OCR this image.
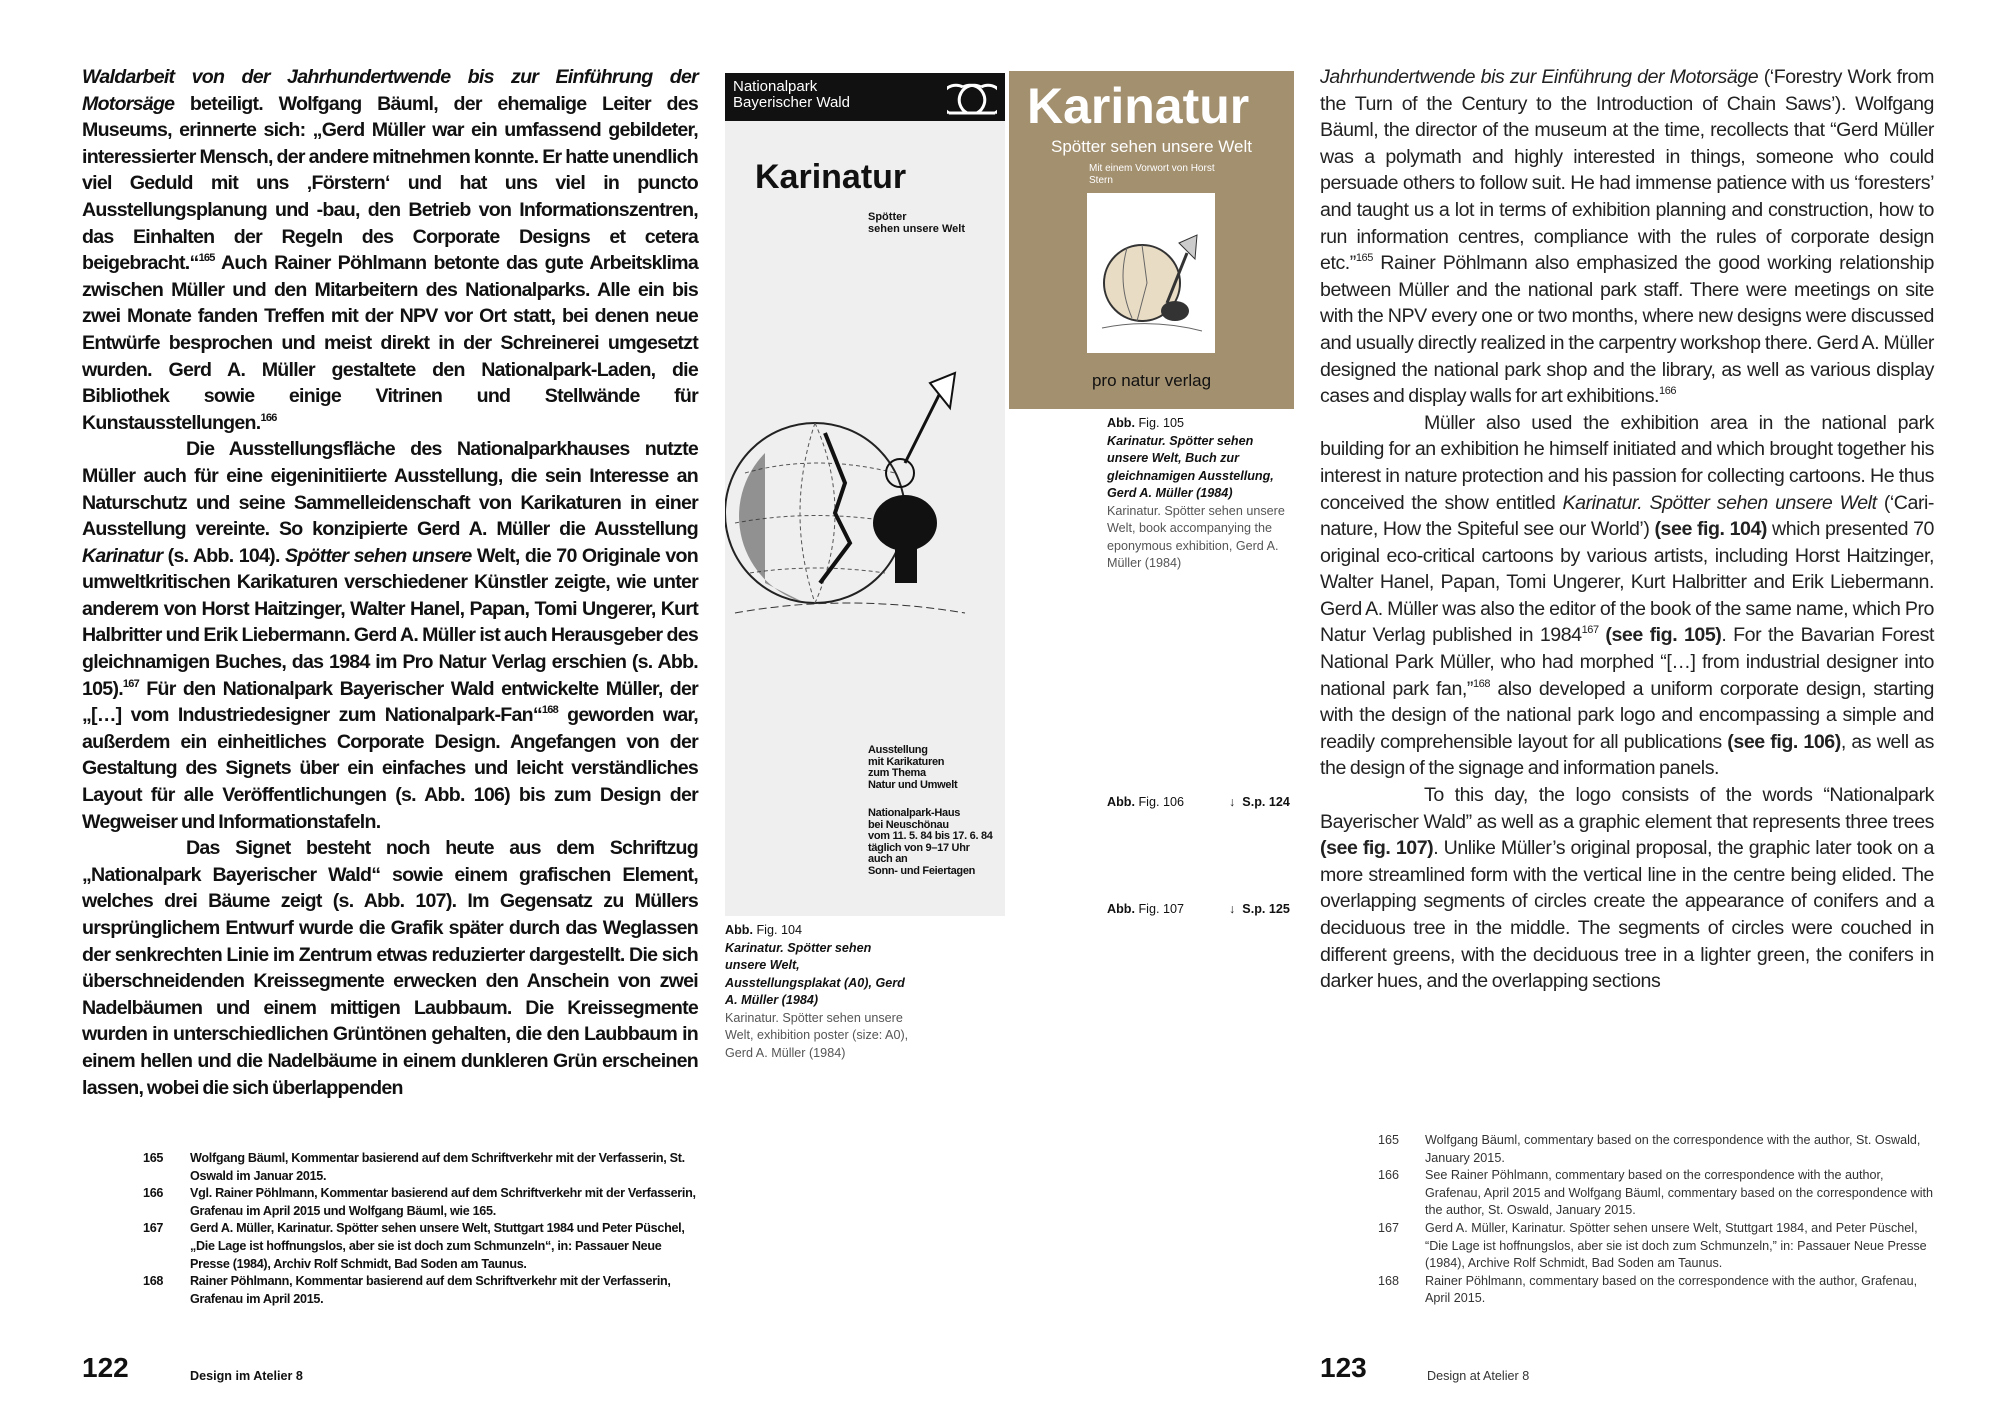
Waldarbeit von der Jahrhundertwende bis zur Einführung der Motorsäge beteiligt. Wolfgang Bäuml, der ehemalige Leiter des Museums, erinnerte sich: „Gerd Müller war ein umfassend gebildeter, interessierter Mensch, der andere mitnehmen konnte. Er hatte unendlich viel Geduld mit uns ‚Förstern‘ und hat uns viel in puncto Ausstellungsplanung und -bau, den Betrieb von Informationszentren, das Einhalten der Regeln des Corporate Designs et cetera beigebracht.“$^{165}$ Auch Rainer Pöhlmann betonte das gute Arbeitsklima zwischen Müller und den Mitarbeitern des Nationalparks. Alle ein bis zwei Monate fanden Treffen mit der NPV vor Ort statt, bei denen neue Entwürfe besprochen und meist direkt in der Schreinerei umgesetzt wurden. Gerd A. Müller gestaltete den Nationalpark-Laden, die Bibliothek sowie einige Vitrinen und Stellwände für Kunstausstellungen.$^{166}$

Die Ausstellungsfläche des Nationalparkhauses nutzte Müller auch für eine eigeninitiierte Ausstellung, die sein Interesse an Naturschutz und seine Sammelleidenschaft von Karikaturen in einer Ausstellung vereinte. So konzipierte Gerd A. Müller die Ausstellung Karinatur (s. Abb. 104). Spötter sehen unsere Welt, die 70 Originale von umweltkritischen Karikaturen verschiedener Künstler zeigte, wie unter anderem von Horst Haitzinger, Walter Hanel, Papan, Tomi Ungerer, Kurt Halbritter und Erik Liebermann. Gerd A. Müller ist auch Herausgeber des gleichnamigen Buches, das 1984 im Pro Natur Verlag erschien (s. Abb. 105).$^{167}$ Für den Nationalpark Bayerischer Wald entwickelte Müller, der „[…] vom Industriedesigner zum Nationalpark-Fan“$^{168}$ geworden war, außerdem ein einheitliches Corporate Design. Angefangen von der Gestaltung des Signets über ein einfaches und leicht verständliches Layout für alle Veröffentlichungen (s. Abb. 106) bis zum Design der Wegweiser und Informationstafeln.

Das Signet besteht noch heute aus dem Schriftzug „Nationalpark Bayerischer Wald“ sowie einem grafischen Element, welches drei Bäume zeigt (s. Abb. 107). Im Gegensatz zu Müllers ursprünglichem Entwurf wurde die Grafik später durch das Weglassen der senkrechten Linie im Zentrum etwas reduzierter dargestellt. Die sich überschneidenden Kreissegmente erwecken den Anschein von zwei Nadelbäumen und einem mittigen Laubbaum. Die Kreissegmente wurden in unterschiedlichen Grüntönen gehalten, die den Laubbaum in einem hellen und die Nadelbäume in einem dunkleren Grün erscheinen lassen, wobei die sich überlappenden

Jahrhundertwende bis zur Einführung der Motorsäge (‘Forestry Work from the Turn of the Century to the Introduction of Chain Saws’). Wolfgang Bäuml, the director of the museum at the time, recollects that “Gerd Müller was a polymath and highly interested in things, someone who could persuade others to follow suit. He had immense patience with us ‘foresters’ and taught us a lot in terms of exhibition planning and construction, how to run information centres, compliance with the rules of corporate design etc.”$^{165}$ Rainer Pöhlmann also emphasized the good working relationship between Müller and the national park staff. There were meetings on site with the NPV every one or two months, where new designs were discussed and usually directly realized in the carpentry workshop there. Gerd A. Müller designed the national park shop and the library, as well as various display cases and display walls for art exhibitions.$^{166}$

Müller also used the exhibition area in the national park building for an exhibition he himself initiated and which brought together his interest in nature protection and his passion for collecting cartoons. He thus conceived the show entitled Karinatur. Spötter sehen unsere Welt (‘Cari-nature, How the Spiteful see our World’) (see fig. 104) which presented 70 original eco-critical cartoons by various artists, including Horst Haitzinger, Walter Hanel, Papan, Tomi Ungerer, Kurt Halbritter and Erik Liebermann. Gerd A. Müller was also the editor of the book of the same name, which Pro Natur Verlag published in 1984$^{167}$ (see fig. 105). For the Bavarian Forest National Park Müller, who had morphed “[…] from industrial designer into national park fan,”$^{168}$ also developed a uniform corporate design, starting with the design of the national park logo and encompassing a simple and readily comprehensible layout for all publications (see fig. 106), as well as the design of the signage and information panels.

To this day, the logo consists of the words “Nationalpark Bayerischer Wald” as well as a graphic element that represents three trees (see fig. 107). Unlike Müller’s original proposal, the graphic later took on a more streamlined form with the vertical line in the centre being elided. The overlapping segments of circles create the appearance of conifers and a deciduous tree in the middle. The segments of circles were couched in different greens, with the deciduous tree in a lighter green, the conifers in darker hues, and the overlapping sections

Nationalpark
Bayerischer Wald
Karinatur
Spötter
sehen unsere Welt
Ausstellung
mit Karikaturen
zum Thema
Natur und Umwelt
Nationalpark-Haus
bei Neuschönau
vom 11. 5. 84 bis 17. 6. 84
täglich von 9–17 Uhr
auch an
Sonn- und Feiertagen
Karinatur
Spötter sehen unsere Welt
Mit einem Vorwort von Horst Stern
pro natur verlag
Abb. Fig. 104
Karinatur. Spötter sehen unsere Welt, Ausstellungsplakat (A0), Gerd A. Müller (1984)
Karinatur. Spötter sehen unsere Welt, exhibition poster (size: A0), Gerd A. Müller (1984)
Abb. Fig. 105
Karinatur. Spötter sehen unsere Welt, Buch zur gleichnamigen Ausstellung, Gerd A. Müller (1984)
Karinatur. Spötter sehen unsere Welt, book accompanying the eponymous exhibition, Gerd A. Müller (1984)
Abb. Fig. 106	↓ S.p. 124
Abb. Fig. 107	↓ S.p. 125
165	Wolfgang Bäuml, Kommentar basierend auf dem Schriftverkehr mit der Verfasserin, St. Oswald im Januar 2015.
166	Vgl. Rainer Pöhlmann, Kommentar basierend auf dem Schriftverkehr mit der Verfasserin, Grafenau im April 2015 und Wolfgang Bäuml, wie 165.
167	Gerd A. Müller, Karinatur. Spötter sehen unsere Welt, Stuttgart 1984 und Peter Püschel, „Die Lage ist hoffnungslos, aber sie ist doch zum Schmunzeln“, in: Passauer Neue Presse (1984), Archiv Rolf Schmidt, Bad Soden am Taunus.
168	Rainer Pöhlmann, Kommentar basierend auf dem Schriftverkehr mit der Verfasserin, Grafenau im April 2015.
165	Wolfgang Bäuml, commentary based on the correspondence with the author, St. Oswald, January 2015.
166	See Rainer Pöhlmann, commentary based on the correspondence with the author, Grafenau, April 2015 and Wolfgang Bäuml, commentary based on the correspondence with the author, St. Oswald, January 2015.
167	Gerd A. Müller, Karinatur. Spötter sehen unsere Welt, Stuttgart 1984, and Peter Püschel, “Die Lage ist hoffnungslos, aber sie ist doch zum Schmunzeln,” in: Passauer Neue Presse (1984), Archive Rolf Schmidt, Bad Soden am Taunus.
168	Rainer Pöhlmann, commentary based on the correspondence with the author, Grafenau, April 2015.
122	Design im Atelier 8	123	Design at Atelier 8
